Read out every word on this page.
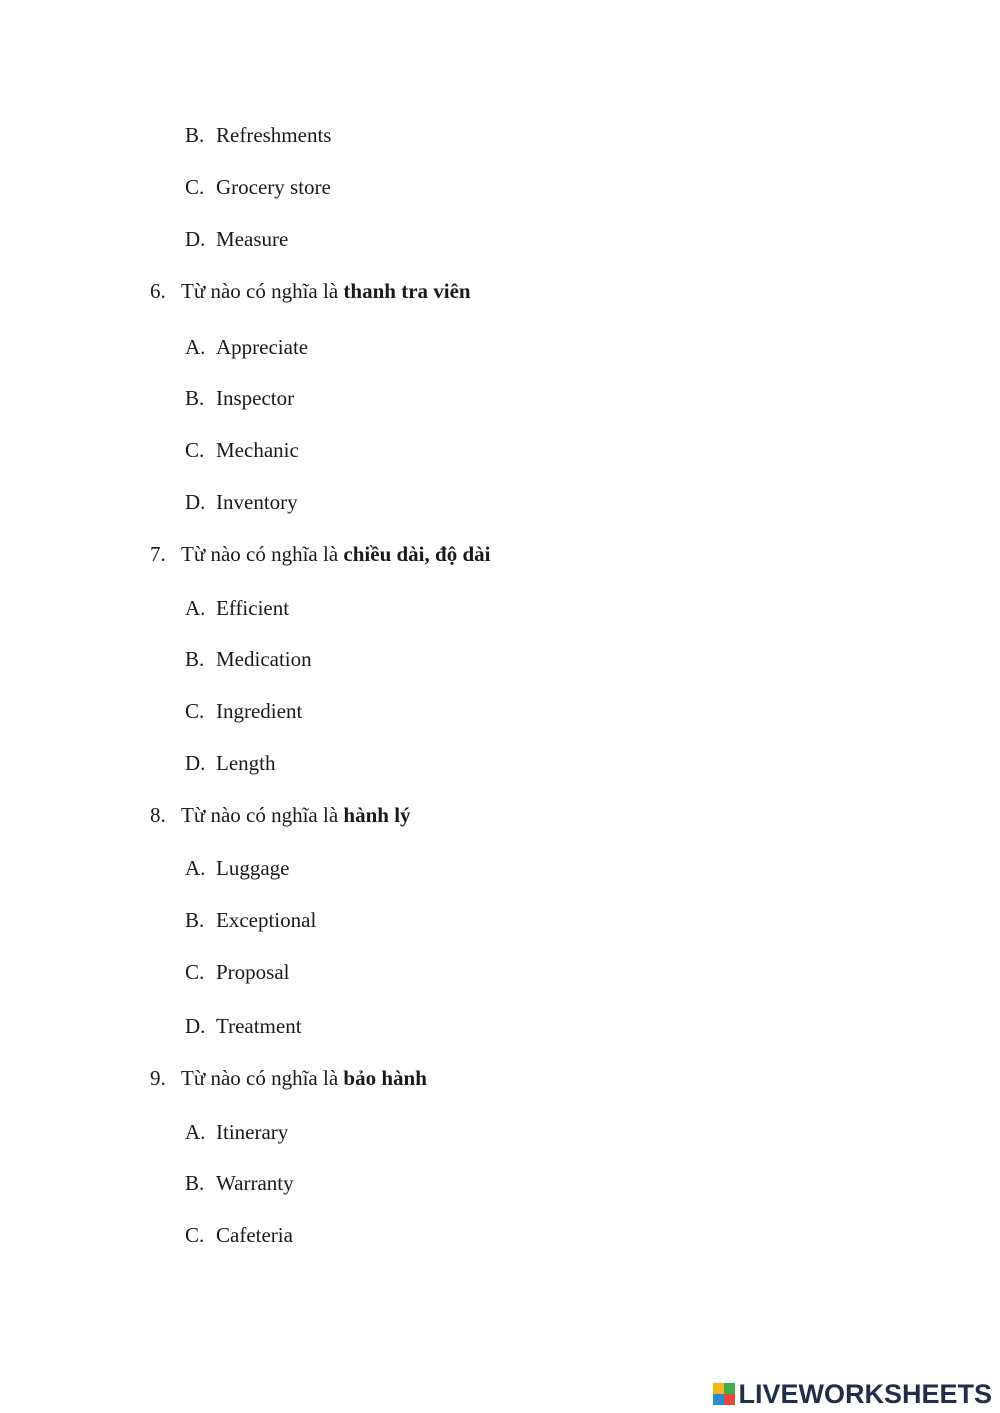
B. Refreshments
C. Grocery store
D. Measure
6. Từ nào có nghĩa là thanh tra viên
A. Appreciate
B. Inspector
C. Mechanic
D. Inventory
7. Từ nào có nghĩa là chiều dài, độ dài
A. Efficient
B. Medication
C. Ingredient
D. Length
8. Từ nào có nghĩa là hành lý
A. Luggage
B. Exceptional
C. Proposal
D. Treatment
9. Từ nào có nghĩa là bảo hành
A. Itinerary
B. Warranty
C. Cafeteria
LIVEWORKSHEETS
